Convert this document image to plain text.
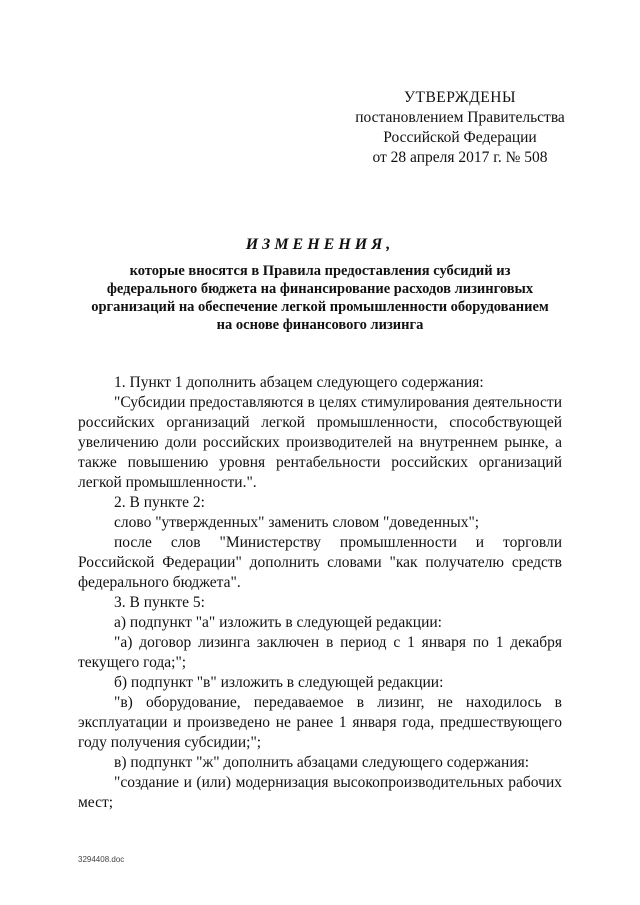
УТВЕРЖДЕНЫ
постановлением Правительства
Российской Федерации
от 28 апреля 2017 г. № 508
ИЗМЕНЕНИЯ,
которые вносятся в Правила предоставления субсидий из
федерального бюджета на финансирование расходов лизинговых
организаций на обеспечение легкой промышленности оборудованием
на основе финансового лизинга

1. Пункт 1 дополнить абзацем следующего содержания:

"Субсидии предоставляются в целях стимулирования деятельности российских организаций легкой промышленности, способствующей увеличению доли российских производителей на внутреннем рынке, а также повышению уровня рентабельности российских организаций легкой промышленности.".

2. В пункте 2:

слово "утвержденных" заменить словом "доведенных";

после слов "Министерству промышленности и торговли Российской Федерации" дополнить словами "как получателю средств федерального бюджета".

3. В пункте 5:

а) подпункт "а" изложить в следующей редакции:

"а) договор лизинга заключен в период с 1 января по 1 декабря текущего года;";

б) подпункт "в" изложить в следующей редакции:

"в) оборудование, передаваемое в лизинг, не находилось в эксплуатации и произведено не ранее 1 января года, предшествующего году получения субсидии;";

в) подпункт "ж" дополнить абзацами следующего содержания:

"создание и (или) модернизация высокопроизводительных рабочих мест;

3294408.doc
